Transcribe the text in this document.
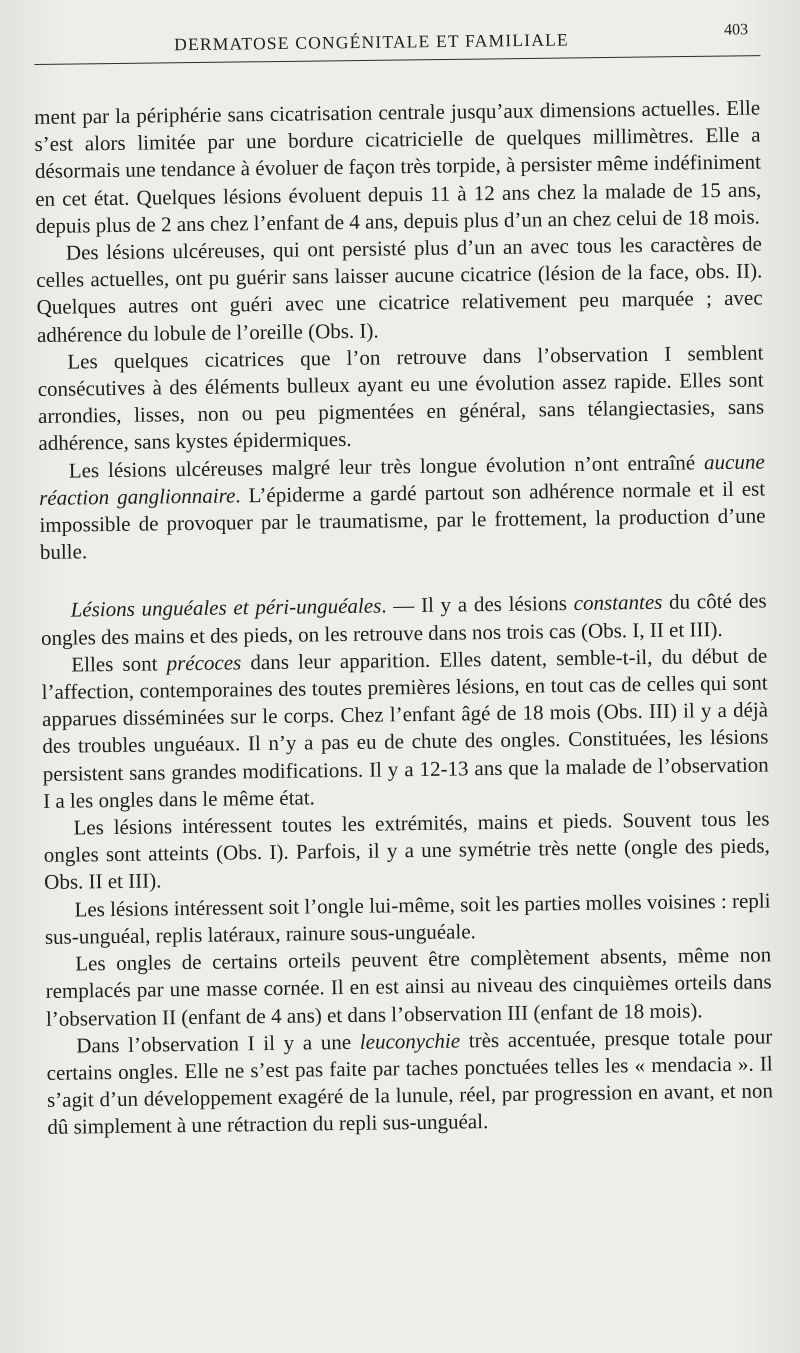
DERMATOSE CONGÉNITALE ET FAMILIALE	403

ment par la périphérie sans cicatrisation centrale jusqu’aux dimensions actuelles. Elle s’est alors limitée par une bordure cicatricielle de quelques millimètres. Elle a désormais une tendance à évoluer de façon très torpide, à persister même indéfiniment en cet état. Quelques lésions évoluent depuis 11 à 12 ans chez la malade de 15 ans, depuis plus de 2 ans chez l’enfant de 4 ans, depuis plus d’un an chez celui de 18 mois.

Des lésions ulcéreuses, qui ont persisté plus d’un an avec tous les caractères de celles actuelles, ont pu guérir sans laisser aucune cicatrice (lésion de la face, obs. II). Quelques autres ont guéri avec une cicatrice relativement peu marquée ; avec adhérence du lobule de l’oreille (Obs. I).

Les quelques cicatrices que l’on retrouve dans l’observation I semblent consécutives à des éléments bulleux ayant eu une évolution assez rapide. Elles sont arrondies, lisses, non ou peu pigmentées en général, sans télangiectasies, sans adhérence, sans kystes épidermiques.

Les lésions ulcéreuses malgré leur très longue évolution n’ont entraîné aucune réaction ganglionnaire. L’épiderme a gardé partout son adhérence normale et il est impossible de provoquer par le traumatisme, par le frottement, la production d’une bulle.

Lésions unguéales et péri-unguéales. — Il y a des lésions constantes du côté des ongles des mains et des pieds, on les retrouve dans nos trois cas (Obs. I, II et III).

Elles sont précoces dans leur apparition. Elles datent, semble-t-il, du début de l’affection, contemporaines des toutes premières lésions, en tout cas de celles qui sont apparues disséminées sur le corps. Chez l’enfant âgé de 18 mois (Obs. III) il y a déjà des troubles unguéaux. Il n’y a pas eu de chute des ongles. Constituées, les lésions persistent sans grandes modifications. Il y a 12-13 ans que la malade de l’observation I a les ongles dans le même état.

Les lésions intéressent toutes les extrémités, mains et pieds. Souvent tous les ongles sont atteints (Obs. I). Parfois, il y a une symétrie très nette (ongle des pieds, Obs. II et III).

Les lésions intéressent soit l’ongle lui-même, soit les parties molles voisines : repli sus-unguéal, replis latéraux, rainure sous-unguéale.

Les ongles de certains orteils peuvent être complètement absents, même non remplacés par une masse cornée. Il en est ainsi au niveau des cinquièmes orteils dans l’observation II (enfant de 4 ans) et dans l’observation III (enfant de 18 mois).

Dans l’observation I il y a une leuconychie très accentuée, presque totale pour certains ongles. Elle ne s’est pas faite par taches ponctuées telles les « mendacia ». Il s’agit d’un développement exagéré de la lunule, réel, par progression en avant, et non dû simplement à une rétraction du repli sus-unguéal.
